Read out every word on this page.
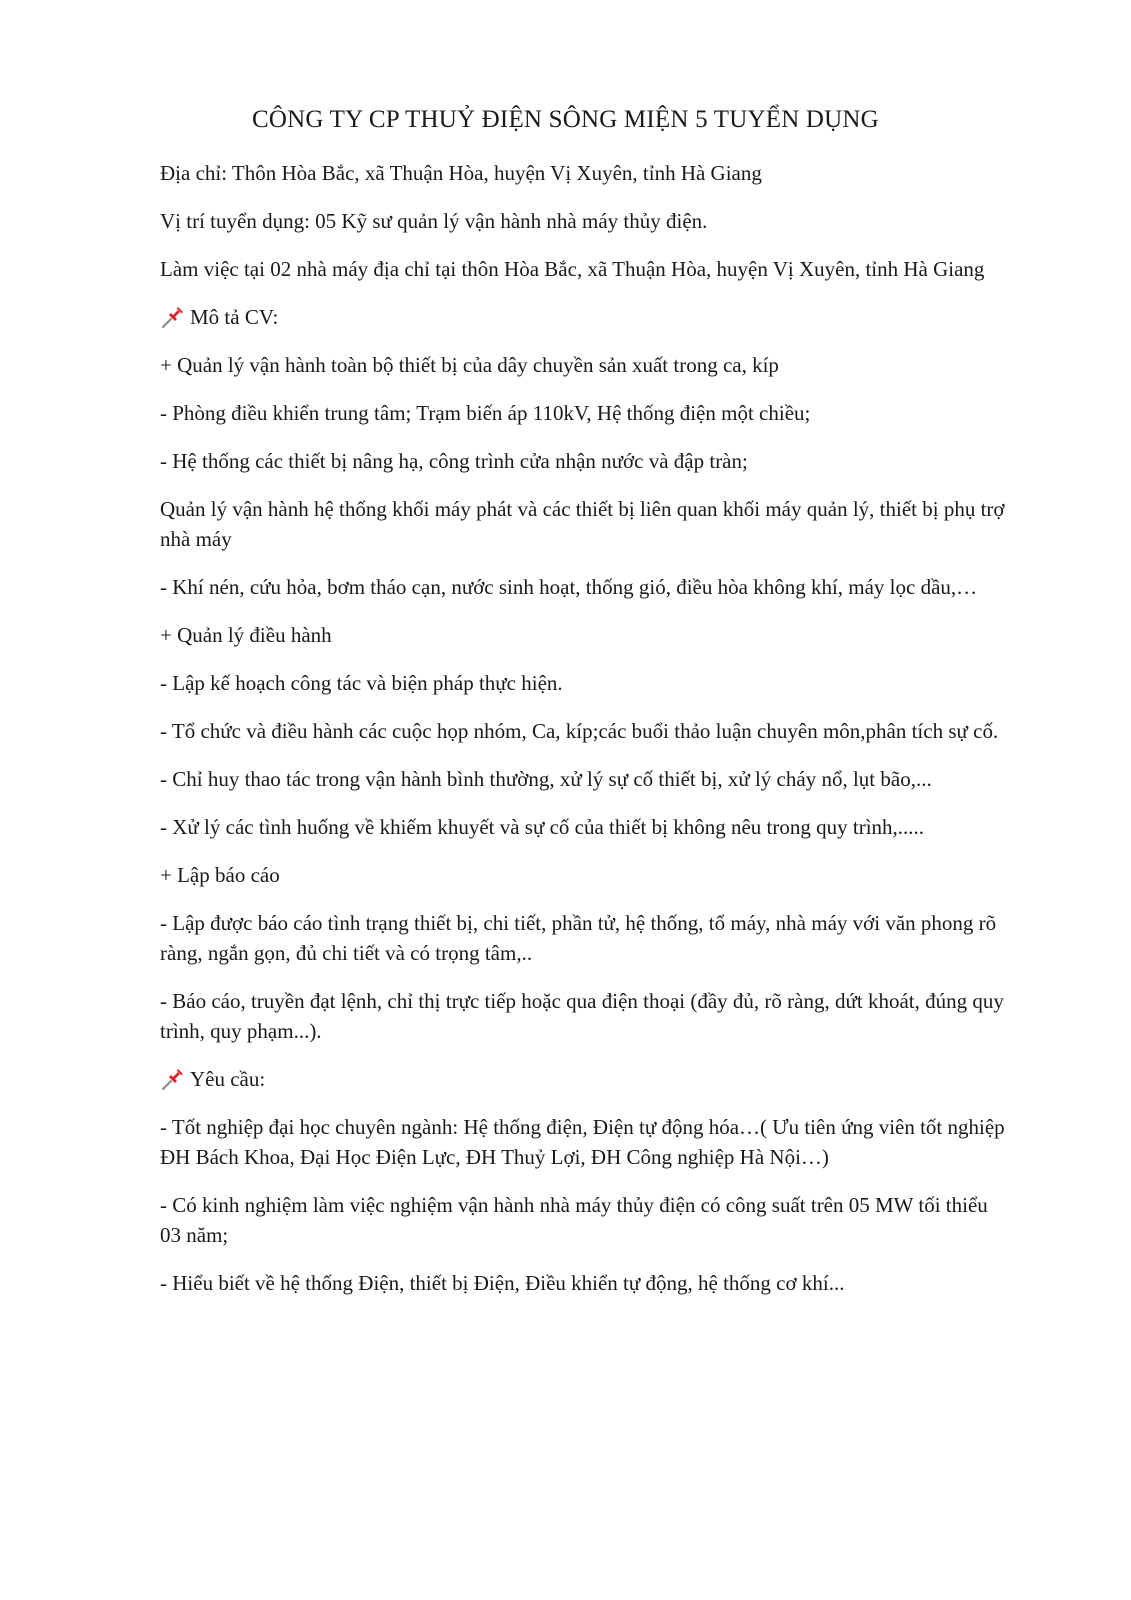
CÔNG TY CP THUỶ ĐIỆN SÔNG MIỆN 5 TUYỂN DỤNG

Địa chỉ: Thôn Hòa Bắc, xã Thuận Hòa, huyện Vị Xuyên, tỉnh Hà Giang

Vị trí tuyển dụng: 05 Kỹ sư quản lý vận hành nhà máy thủy điện.

Làm việc tại 02 nhà máy địa chỉ tại thôn Hòa Bắc, xã Thuận Hòa, huyện Vị Xuyên, tỉnh Hà Giang

Mô tả CV:

+ Quản lý vận hành toàn bộ thiết bị của dây chuyền sản xuất trong ca, kíp

- Phòng điều khiển trung tâm; Trạm biến áp 110kV, Hệ thống điện một chiều;

- Hệ thống các thiết bị nâng hạ, công trình cửa nhận nước và đập tràn;

Quản lý vận hành hệ thống khối máy phát và các thiết bị liên quan khối máy quản lý, thiết bị phụ trợ nhà máy

- Khí nén, cứu hỏa, bơm tháo cạn, nước sinh hoạt, thống gió, điều hòa không khí, máy lọc dầu,…

+ Quản lý điều hành

- Lập kế hoạch công tác và biện pháp thực hiện.

- Tổ chức và điều hành các cuộc họp nhóm, Ca, kíp;các buổi thảo luận chuyên môn,phân tích sự cố.

- Chỉ huy thao tác trong vận hành bình thường, xử lý sự cố thiết bị, xử lý cháy nổ, lụt bão,...

- Xử lý các tình huống về khiếm khuyết và sự cố của thiết bị không nêu trong quy trình,.....

+ Lập báo cáo

- Lập được báo cáo tình trạng thiết bị, chi tiết, phần tử, hệ thống, tổ máy, nhà máy với văn phong rõ ràng, ngắn gọn, đủ chi tiết và có trọng tâm,..

- Báo cáo, truyền đạt lệnh, chỉ thị trực tiếp hoặc qua điện thoại (đầy đủ, rõ ràng, dứt khoát, đúng quy trình, quy phạm...).

Yêu cầu:

- Tốt nghiệp đại học chuyên ngành: Hệ thống điện, Điện tự động hóa…( Ưu tiên ứng viên tốt nghiệp ĐH Bách Khoa, Đại Học Điện Lực, ĐH Thuỷ Lợi, ĐH Công nghiệp Hà Nội…)

- Có kinh nghiệm làm việc nghiệm vận hành nhà máy thủy điện có công suất trên 05 MW tối thiểu 03 năm;

- Hiểu biết về hệ thống Điện, thiết bị Điện, Điều khiển tự động, hệ thống cơ khí...
